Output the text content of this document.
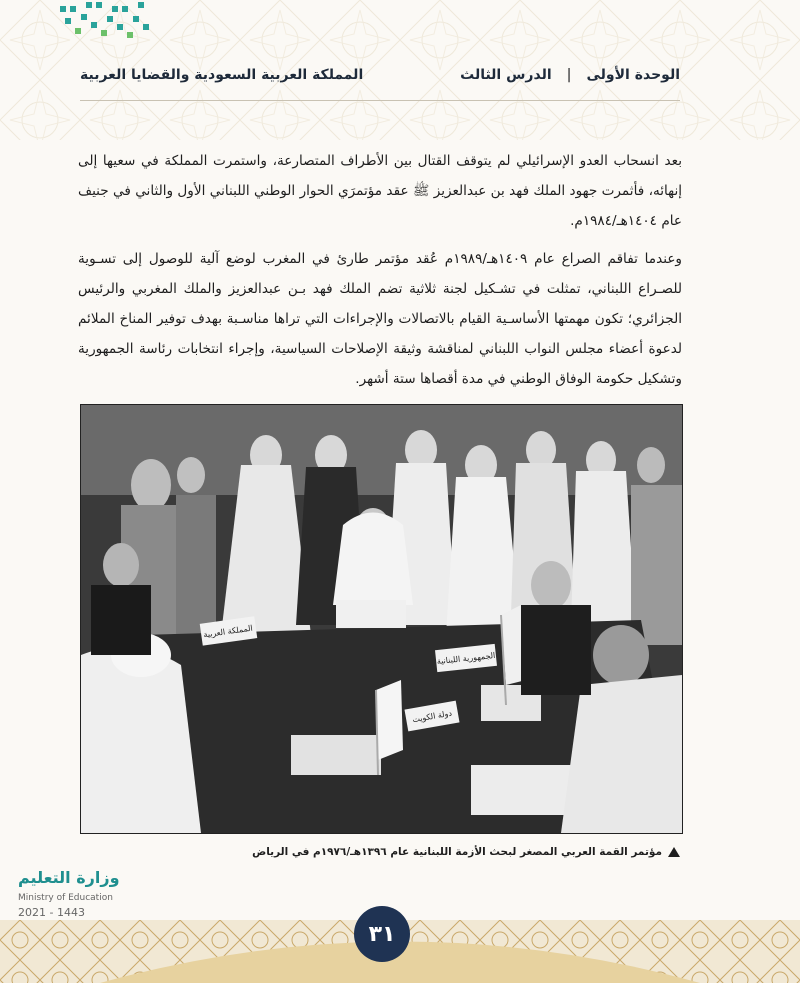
الوحدة الأولى | الدرس الثالث
المملكة العربية السعودية والقضايا العربية

بعد انسحاب العدو الإسرائيلي لم يتوقف القتال بين الأطراف المتصارعة، واستمرت المملكة في سعيها إلى إنهائه، فأثمرت جهود الملك فهد بن عبدالعزيز ﷺ عقد مؤتمرَي الحوار الوطني اللبناني الأول والثاني في جنيف عام ١٤٠٤هـ/١٩٨٤م.

وعندما تفاقم الصراع عام ١٤٠٩هـ/١٩٨٩م عُقد مؤتمر طارئ في المغرب لوضع آلية للوصول إلى تسـوية للصـراع اللبناني، تمثلت في تشـكيل لجنة ثلاثية تضم الملك فهد بـن عبدالعزيز والملك المغربي والرئيس الجزائري؛ تكون مهمتها الأساسـية القيام بالاتصالات والإجراءات التي تراها مناسـبة بهدف توفير المناخ الملائم لدعوة أعضاء مجلس النواب اللبناني لمناقشة وثيقة الإصلاحات السياسية، وإجراء انتخابات رئاسة الجمهورية وتشكيل حكومة الوفاق الوطني في مدة أقصاها ستة أشهر.

المملكة العربية
الجمهورية اللبنانية
دولة الكويت
مؤتمر القمة العربي المصغر لبحث الأزمة اللبنانية عام ١٣٩٦هـ/١٩٧٦م في الرياض
وزارة التعليم
Ministry of Education
2021 - 1443
٣١
